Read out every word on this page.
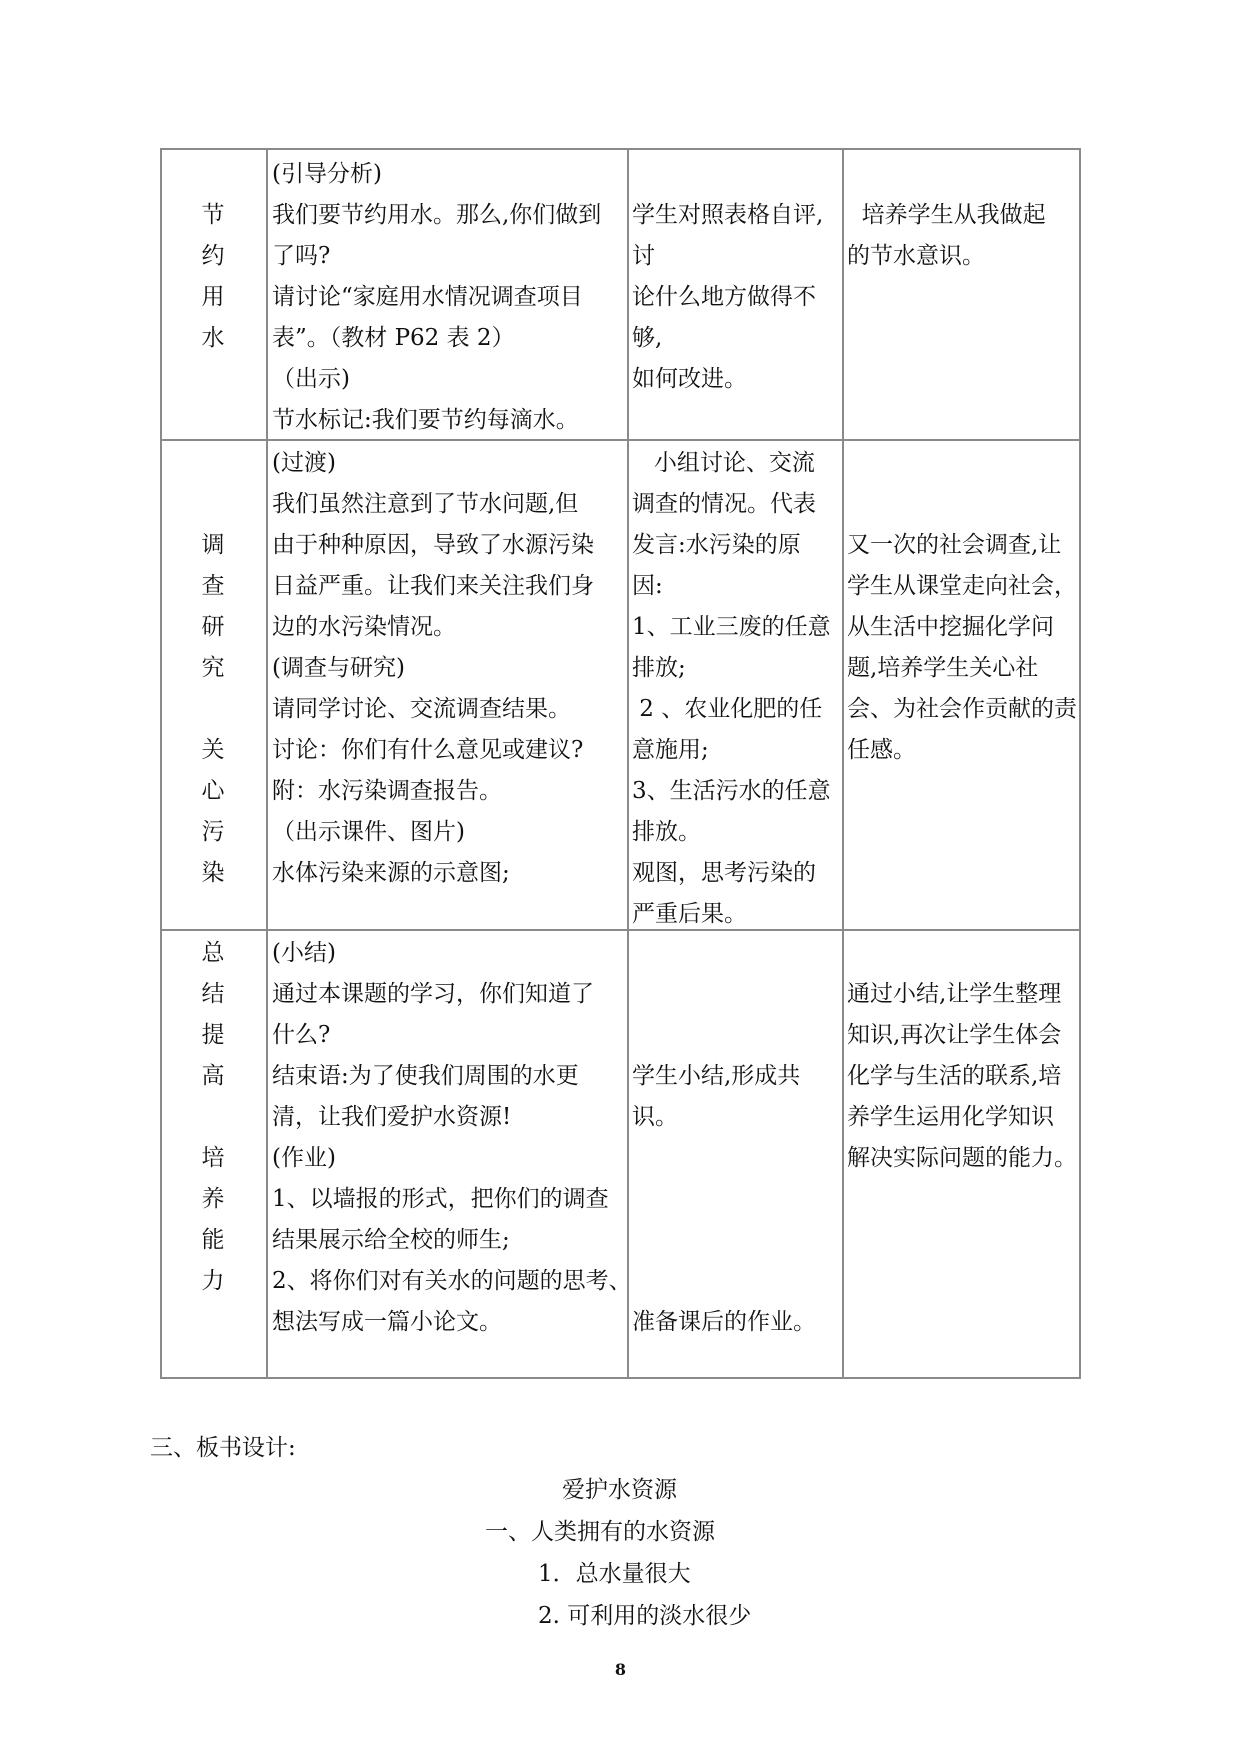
节
约
用
水
(引导分析)
我们要节约用水。那么,你们做到
了吗?
请讨论“家庭用水情况调查项目
表”。（教材 P62 表 2）
（出示)
节水标记:我们要节约每滴水。

学生对照表格自评,
讨
论什么地方做得不
够,
如何改进。

培养学生从我做起
的节水意识。

调
查
研
究

关
心
污
染
(过渡)
我们虽然注意到了节水问题,但
由于种种原因，导致了水源污染
日益严重。让我们来关注我们身
边的水污染情况。
(调查与研究)
请同学讨论、交流调查结果。
讨论：你们有什么意见或建议?
附：水污染调查报告。
（出示课件、图片)
水体污染来源的示意图;
小组讨论、交流
调查的情况。代表
发言:水污染的原
因:
1、工业三废的任意
排放;
2 、农业化肥的任
意施用;
3、生活污水的任意
排放。
观图，思考污染的
严重后果。

又一次的社会调查,让
学生从课堂走向社会，
从生活中挖掘化学问
题,培养学生关心社
会、为社会作贡献的责
任感。
总
结
提
高

培
养
能
力
(小结)
通过本课题的学习，你们知道了
什么?
结束语:为了使我们周围的水更
清，让我们爱护水资源!
(作业)
1、以墙报的形式，把你们的调查
结果展示给全校的师生;
2、将你们对有关水的问题的思考、
想法写成一篇小论文。

学生小结,形成共
识。

准备课后的作业。

通过小结,让学生整理
知识,再次让学生体会
化学与生活的联系,培
养学生运用化学知识
解决实际问题的能力。
三、板书设计:
爱护水资源
一、人类拥有的水资源
1．总水量很大
2. 可利用的淡水很少
8
